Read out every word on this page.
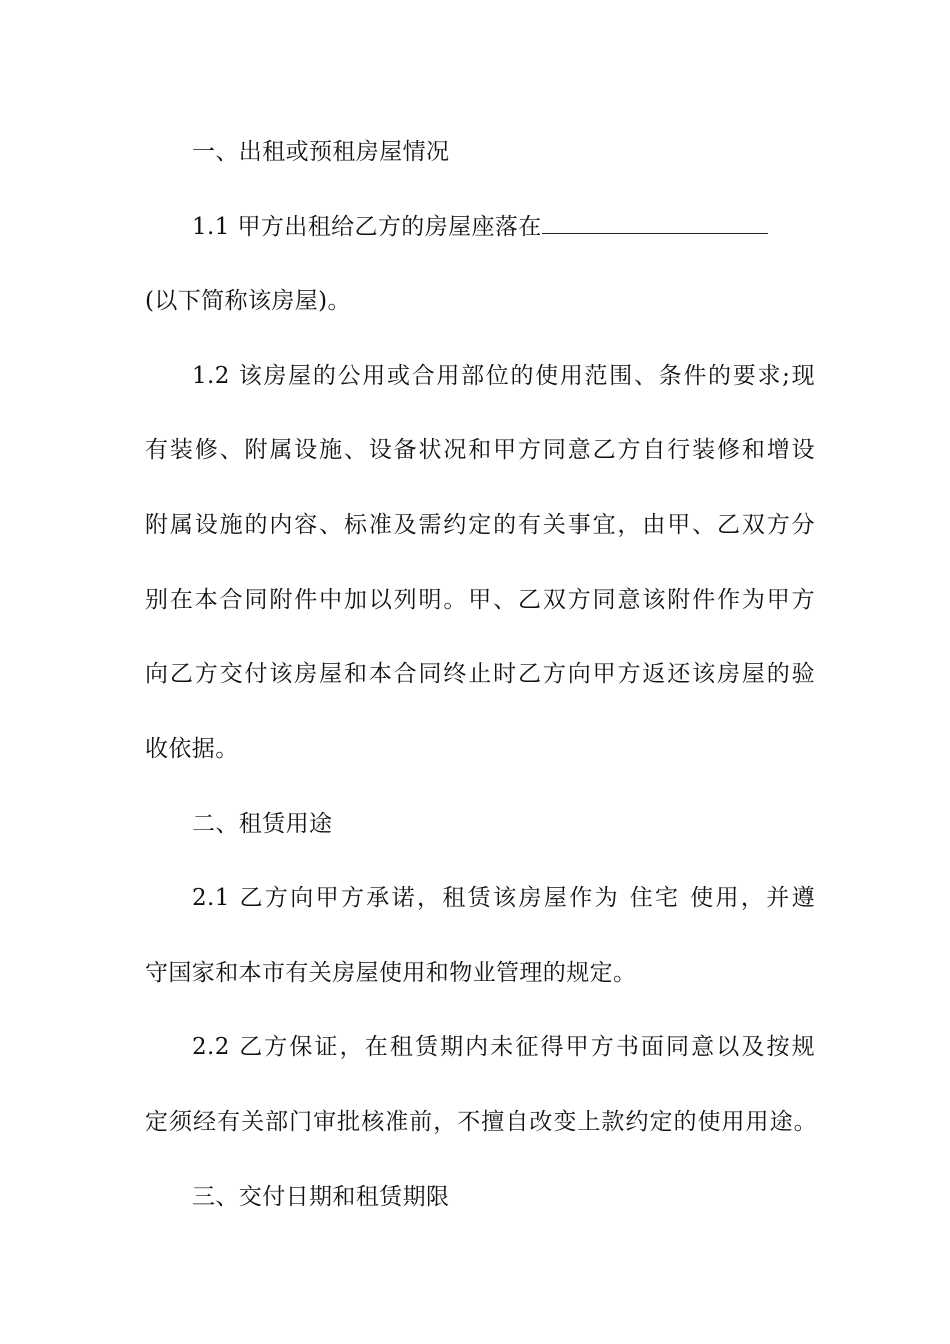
一、出租或预租房屋情况
1.1 甲方出租给乙方的房屋座落在
(以下简称该房屋)。
1.2 该房屋的公用或合用部位的使用范围、条件的要求;现
有装修、附属设施、设备状况和甲方同意乙方自行装修和增设
附属设施的内容、标准及需约定的有关事宜，由甲、乙双方分
别在本合同附件中加以列明。甲、乙双方同意该附件作为甲方
向乙方交付该房屋和本合同终止时乙方向甲方返还该房屋的验
收依据。
二、租赁用途
2.1 乙方向甲方承诺，租赁该房屋作为 住宅 使用，并遵
守国家和本市有关房屋使用和物业管理的规定。
2.2 乙方保证，在租赁期内未征得甲方书面同意以及按规
定须经有关部门审批核准前，不擅自改变上款约定的使用用途。
三、交付日期和租赁期限
